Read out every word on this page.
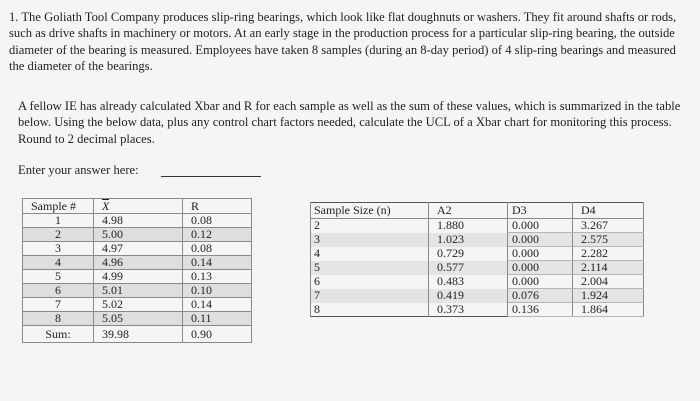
1. The Goliath Tool Company produces slip-ring bearings, which look like flat doughnuts or washers. They fit around shafts or rods, such as drive shafts in machinery or motors. At an early stage in the production process for a particular slip-ring bearing, the outside diameter of the bearing is measured. Employees have taken‌ 8 samples (during an 8-day period) of 4 slip-ring bearings and measured the diameter of the bearings.
A fellow IE has already calculated Xbar and R for each sample as well as the sum of these values, which is summarized in the table below. Using the below data, plus any control chart factors needed, calculate the UCL of a Xbar chart for monitoring this process. Round to 2 decimal places.
Enter your answer here:
Sample #	X	R
1	4.98	0.08
2	5.00	0.12
3	4.97	0.08
4	4.96	0.14
5	4.99	0.13
6	5.01	0.10
7	5.02	0.14
8	5.05	0.11
Sum:	39.98	0.90
Sample Size (n)	A2	D3	D4
2	1.880	0.000	3.267
3	1.023	0.000	2.575
4	0.729	0.000	2.282
5	0.577	0.000	2.114
6	0.483	0.000	2.004
7	0.419	0.076	1.924
8	0.373	0.136	1.864
